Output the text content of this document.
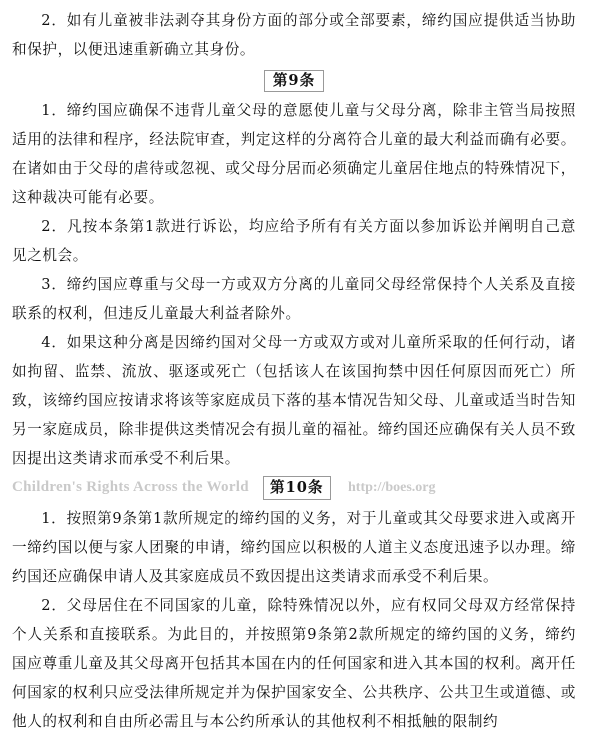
2．如有儿童被非法剥夺其身份方面的部分或全部要素，缔约国应提供适当协助和保护，以便迅速重新确立其身份。

第9条

1．缔约国应确保不违背儿童父母的意愿使儿童与父母分离，除非主管当局按照适用的法律和程序，经法院审查，判定这样的分离符合儿童的最大利益而确有必要。在诸如由于父母的虐待或忽视、或父母分居而必须确定儿童居住地点的特殊情况下，这种裁决可能有必要。

2．凡按本条第1款进行诉讼，均应给予所有有关方面以参加诉讼并阐明自己意见之机会。

3．缔约国应尊重与父母一方或双方分离的儿童同父母经常保持个人关系及直接联系的权利，但违反儿童最大利益者除外。

4．如果这种分离是因缔约国对父母一方或双方或对儿童所采取的任何行动，诸如拘留、监禁、流放、驱逐或死亡（包括该人在该国拘禁中因任何原因而死亡）所致，该缔约国应按请求将该等家庭成员下落的基本情况告知父母、儿童或适当时告知另一家庭成员，除非提供这类情况会有损儿童的福祉。缔约国还应确保有关人员不致因提出这类请求而承受不利后果。

Children's Rights Across the World	第10条	http://boes.org

1．按照第9条第1款所规定的缔约国的义务，对于儿童或其父母要求进入或离开一缔约国以便与家人团聚的申请，缔约国应以积极的人道主义态度迅速予以办理。缔约国还应确保申请人及其家庭成员不致因提出这类请求而承受不利后果。

2．父母居住在不同国家的儿童，除特殊情况以外，应有权同父母双方经常保持个人关系和直接联系。为此目的，并按照第9条第2款所规定的缔约国的义务，缔约国应尊重儿童及其父母离开包括其本国在内的任何国家和进入其本国的权利。离开任何国家的权利只应受法律所规定并为保护国家安全、公共秩序、公共卫生或道德、或他人的权利和自由所必需且与本公约所承认的其他权利不相抵触的限制约
